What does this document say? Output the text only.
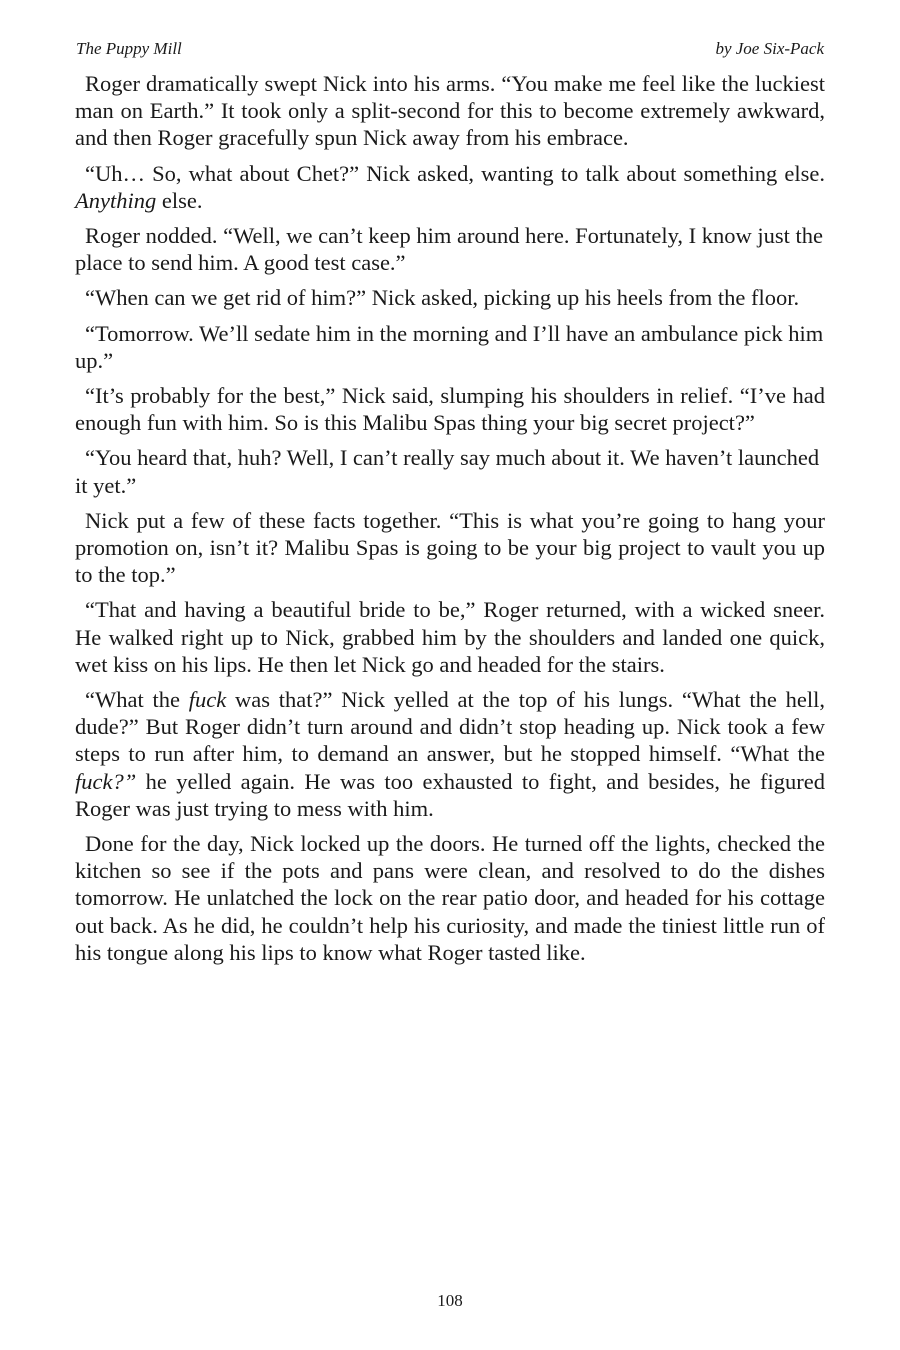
The Puppy Mill	by Joe Six-Pack

Roger dramatically swept Nick into his arms. “You make me feel like the luckiest man on Earth.” It took only a split-second for this to become extremely awkward, and then Roger gracefully spun Nick away from his embrace.

“Uh… So, what about Chet?” Nick asked, wanting to talk about something else. Anything else.

Roger nodded. “Well, we can’t keep him around here. Fortunately, I know just the place to send him. A good test case.”

“When can we get rid of him?” Nick asked, picking up his heels from the floor.

“Tomorrow. We’ll sedate him in the morning and I’ll have an ambulance pick him up.”

“It’s probably for the best,” Nick said, slumping his shoulders in relief. “I’ve had enough fun with him. So is this Malibu Spas thing your big secret project?”

“You heard that, huh? Well, I can’t really say much about it. We haven’t launched it yet.”

Nick put a few of these facts together. “This is what you’re going to hang your promotion on, isn’t it? Malibu Spas is going to be your big project to vault you up to the top.”

“That and having a beautiful bride to be,” Roger returned, with a wicked sneer. He walked right up to Nick, grabbed him by the shoulders and landed one quick, wet kiss on his lips. He then let Nick go and headed for the stairs.

“What the fuck was that?” Nick yelled at the top of his lungs. “What the hell, dude?” But Roger didn’t turn around and didn’t stop heading up. Nick took a few steps to run after him, to demand an answer, but he stopped himself. “What the fuck?” he yelled again. He was too exhausted to fight, and besides, he figured Roger was just trying to mess with him.

Done for the day, Nick locked up the doors. He turned off the lights, checked the kitchen so see if the pots and pans were clean, and resolved to do the dishes tomorrow. He unlatched the lock on the rear patio door, and headed for his cottage out back. As he did, he couldn’t help his curiosity, and made the tiniest little run of his tongue along his lips to know what Roger tasted like.

108
